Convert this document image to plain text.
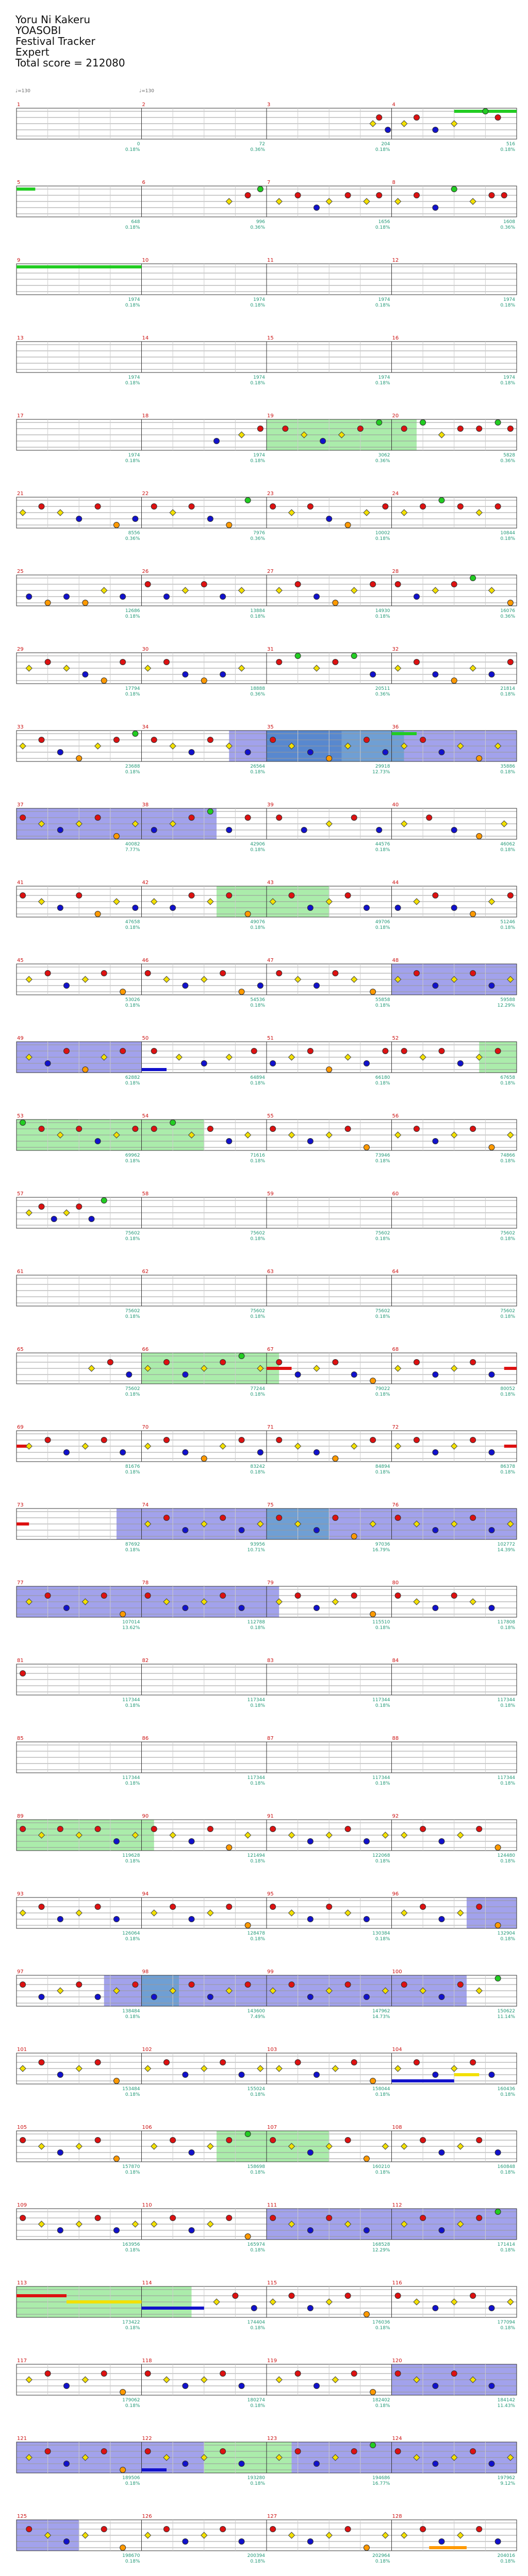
Yoru Ni Kakeru
YOASOBI
Festival Tracker
Expert
Total score = 212080
♩=130	♩=130
1
0
0.18%
2
72
0.36%
3
204
0.18%
4
516
0.18%
5
648
0.18%
6
996
0.36%
7
1656
0.18%
8
1608
0.36%
9
1974
0.18%
10
1974
0.18%
11
1974
0.18%
12
1974
0.18%
13
1974
0.18%
14
1974
0.18%
15
1974
0.18%
16
1974
0.18%
17
1974
0.18%
18
1974
0.18%
19
3062
0.36%
20
5828
0.36%
21
8556
0.36%
22
7976
0.36%
23
10002
0.18%
24
10844
0.18%
25
12686
0.18%
26
13884
0.18%
27
14930
0.18%
28
16076
0.36%
29
17794
0.18%
30
18888
0.36%
31
20511
0.36%
32
21814
0.18%
33
23688
0.18%
34
26564
0.18%
35
29918
12.73%
36
35886
0.18%
37
40082
7.77%
38
42906
0.18%
39
44576
0.18%
40
46062
0.18%
41
47658
0.18%
42
49076
0.18%
43
49706
0.18%
44
51246
0.18%
45
53026
0.18%
46
54536
0.18%
47
55858
0.18%
48
59588
12.29%
49
62882
0.18%
50
64894
0.18%
51
66180
0.18%
52
67658
0.18%
53
69962
0.18%
54
71616
0.18%
55
73946
0.18%
56
74866
0.18%
57
75602
0.18%
58
75602
0.18%
59
75602
0.18%
60
75602
0.18%
61
75602
0.18%
62
75602
0.18%
63
75602
0.18%
64
75602
0.18%
65
75602
0.18%
66
77244
0.18%
67
79022
0.18%
68
80052
0.18%
69
81676
0.18%
70
83242
0.18%
71
84894
0.18%
72
86378
0.18%
73
87692
0.18%
74
93956
10.71%
75
97036
16.79%
76
102772
14.39%
77
107014
13.62%
78
112788
0.18%
79
115510
0.18%
80
117808
0.18%
81
117344
0.18%
82
117344
0.18%
83
117344
0.18%
84
117344
0.18%
85
117344
0.18%
86
117344
0.18%
87
117344
0.18%
88
117344
0.18%
89
119628
0.18%
90
121494
0.18%
91
122068
0.18%
92
124480
0.18%
93
126064
0.18%
94
128478
0.18%
95
130384
0.18%
96
132904
0.18%
97
138484
0.18%
98
143600
7.49%
99
147962
14.73%
100
150622
11.14%
101
153484
0.18%
102
155024
0.18%
103
158044
0.18%
104
160436
0.18%
105
157870
0.18%
106
158698
0.18%
107
160210
0.18%
108
160848
0.18%
109
163956
0.18%
110
165974
0.18%
111
168528
12.29%
112
171414
0.18%
113
173422
0.18%
114
174404
0.18%
115
176036
0.18%
116
177094
0.18%
117
179062
0.18%
118
180274
0.18%
119
182402
0.18%
120
184142
11.43%
121
189506
0.18%
122
193280
0.18%
123
194686
16.77%
124
197962
9.12%
125
198670
0.18%
126
200394
0.18%
127
202964
0.18%
128
204016
0.18%
